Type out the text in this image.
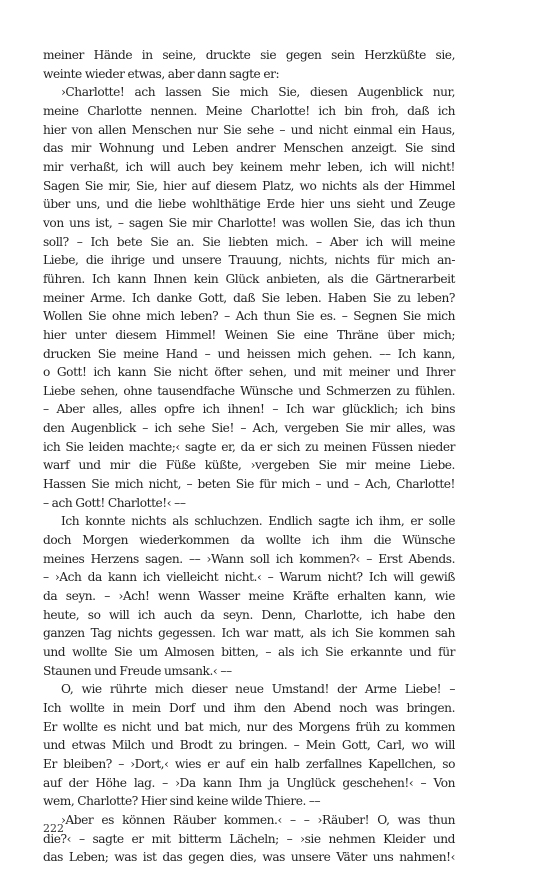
meiner Hände in seine, druckte sie gegen sein Herzküßte sie,
weinte wieder etwas, aber dann sagte er:
›Charlotte! ach lassen Sie mich Sie, diesen Augenblick nur,
meine Charlotte nennen. Meine Charlotte! ich bin froh, daß ich
hier von allen Menschen nur Sie sehe – und nicht einmal ein Haus,
das mir Wohnung und Leben andrer Menschen anzeigt. Sie sind
mir verhaßt, ich will auch bey keinem mehr leben, ich will nicht!
Sagen Sie mir, Sie, hier auf diesem Platz, wo nichts als der Himmel
über uns, und die liebe wohlthätige Erde hier uns sieht und Zeuge
von uns ist, – sagen Sie mir Charlotte! was wollen Sie, das ich thun
soll? – Ich bete Sie an. Sie liebten mich. – Aber ich will meine
Liebe, die ihrige und unsere Trauung, nichts, nichts für mich an-
führen. Ich kann Ihnen kein Glück anbieten, als die Gärtnerarbeit
meiner Arme. Ich danke Gott, daß Sie leben. Haben Sie zu leben?
Wollen Sie ohne mich leben? – Ach thun Sie es. – Segnen Sie mich
hier unter diesem Himmel! Weinen Sie eine Thräne über mich;
drucken Sie meine Hand – und heissen mich gehen. –– Ich kann,
o Gott! ich kann Sie nicht öfter sehen, und mit meiner und Ihrer
Liebe sehen, ohne tausendfache Wünsche und Schmerzen zu fühlen.
– Aber alles, alles opfre ich ihnen! – Ich war glücklich; ich bins
den Augenblick – ich sehe Sie! – Ach, vergeben Sie mir alles, was
ich Sie leiden machte;‹ sagte er, da er sich zu meinen Füssen nieder
warf und mir die Füße küßte, ›vergeben Sie mir meine Liebe.
Hassen Sie mich nicht, – beten Sie für mich – und – Ach, Charlotte!
– ach Gott! Charlotte!‹ ––
Ich konnte nichts als schluchzen. Endlich sagte ich ihm, er solle
doch Morgen wiederkommen da wollte ich ihm die Wünsche
meines Herzens sagen. –– ›Wann soll ich kommen?‹ – Erst Abends.
– ›Ach da kann ich vielleicht nicht.‹ – Warum nicht? Ich will gewiß
da seyn. – ›Ach! wenn Wasser meine Kräfte erhalten kann, wie
heute, so will ich auch da seyn. Denn, Charlotte, ich habe den
ganzen Tag nichts gegessen. Ich war matt, als ich Sie kommen sah
und wollte Sie um Almosen bitten, – als ich Sie erkannte und für
Staunen und Freude umsank.‹ ––
O, wie rührte mich dieser neue Umstand! der Arme Liebe! –
Ich wollte in mein Dorf und ihm den Abend noch was bringen.
Er wollte es nicht und bat mich, nur des Morgens früh zu kommen
und etwas Milch und Brodt zu bringen. – Mein Gott, Carl, wo will
Er bleiben? – ›Dort,‹ wies er auf ein halb zerfallnes Kapellchen, so
auf der Höhe lag. – ›Da kann Ihm ja Unglück geschehen!‹ – Von
wem, Charlotte? Hier sind keine wilde Thiere. ––
›Aber es können Räuber kommen.‹ – – ›Räuber! O, was thun
die?‹ – sagte er mit bitterm Lächeln; – ›sie nehmen Kleider und
das Leben; was ist das gegen dies, was unsere Väter uns nahmen!‹
222
